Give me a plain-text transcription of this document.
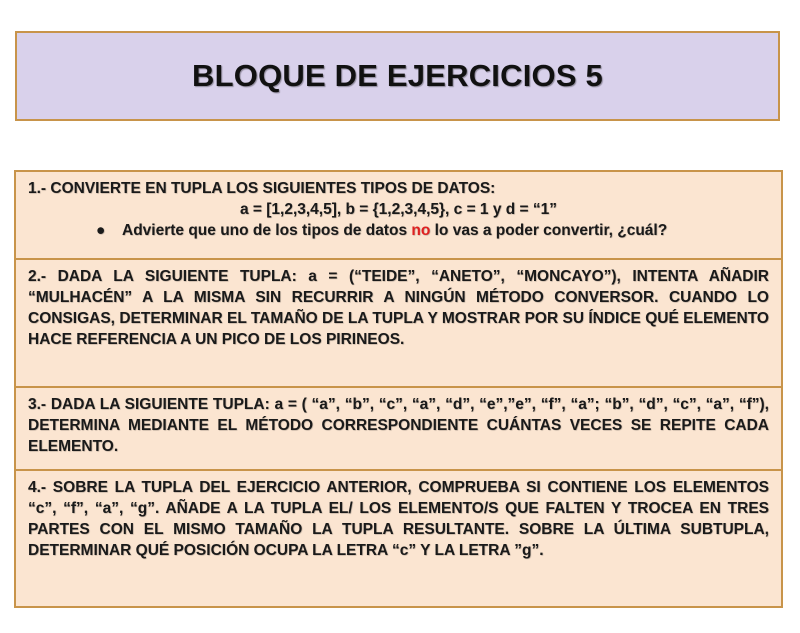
BLOQUE DE EJERCICIOS 5
1.- CONVIERTE EN TUPLA LOS SIGUIENTES TIPOS DE DATOS:
a = [1,2,3,4,5], b = {1,2,3,4,5}, c = 1 y d = “1”
● Advierte que uno de los tipos de datos no lo vas a poder convertir, ¿cuál?
2.- DADA LA SIGUIENTE TUPLA: a = (“TEIDE”, “ANETO”, “MONCAYO”), INTENTA AÑADIR “MULHACÉN” A LA MISMA SIN RECURRIR A NINGÚN MÉTODO CONVERSOR. CUANDO LO CONSIGAS, DETERMINAR EL TAMAÑO DE LA TUPLA Y MOSTRAR POR SU ÍNDICE QUÉ ELEMENTO HACE REFERENCIA A UN PICO DE LOS PIRINEOS.
3.- DADA LA SIGUIENTE TUPLA: a = ( “a”, “b”, “c”, “a”, “d”, “e”,”e”, “f”, “a”; “b”, “d”, “c”, “a”, “f”), DETERMINA MEDIANTE EL MÉTODO CORRESPONDIENTE CUÁNTAS VECES SE REPITE CADA ELEMENTO.
4.- SOBRE LA TUPLA DEL EJERCICIO ANTERIOR, COMPRUEBA SI CONTIENE LOS ELEMENTOS “c”, “f”, “a”, “g”. AÑADE A LA TUPLA EL/ LOS ELEMENTO/S QUE FALTEN Y TROCEA EN TRES PARTES CON EL MISMO TAMAÑO LA TUPLA RESULTANTE. SOBRE LA ÚLTIMA SUBTUPLA, DETERMINAR QUÉ POSICIÓN OCUPA LA LETRA “c” Y LA LETRA ”g”.
